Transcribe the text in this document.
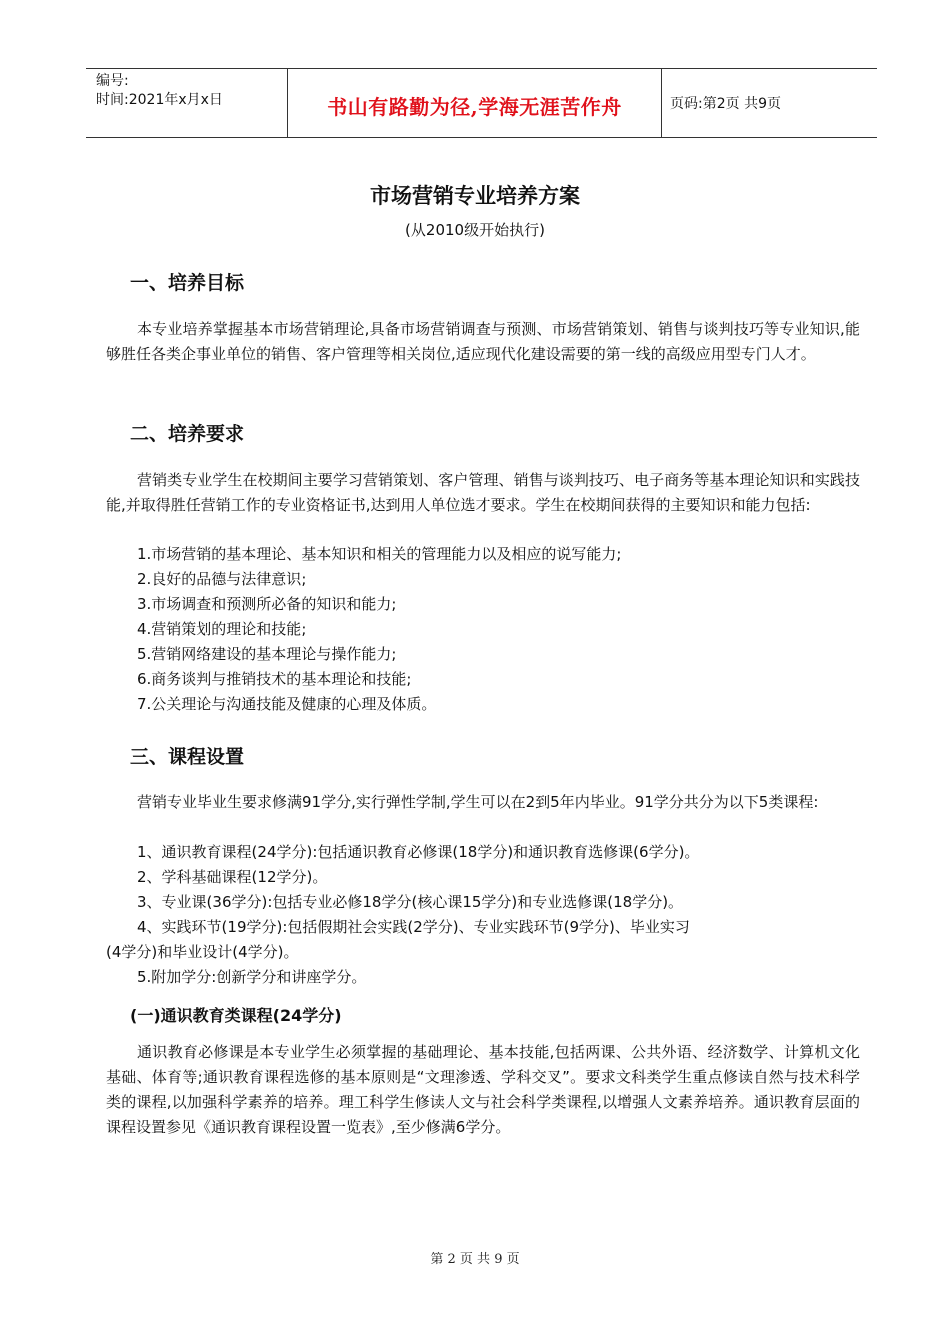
编号:
时间:2021年x月x日	书山有路勤为径,学海无涯苦作舟	页码:第2页 共9页
市场营销专业培养方案
(从2010级开始执行)
一、培养目标

本专业培养掌握基本市场营销理论,具备市场营销调查与预测、市场营销策划、销售与谈判技巧等专业知识,能够胜任各类企事业单位的销售、客户管理等相关岗位,适应现代化建设需要的第一线的高级应用型专门人才。

二、培养要求

营销类专业学生在校期间主要学习营销策划、客户管理、销售与谈判技巧、电子商务等基本理论知识和实践技能,并取得胜任营销工作的专业资格证书,达到用人单位选才要求。学生在校期间获得的主要知识和能力包括:

1.市场营销的基本理论、基本知识和相关的管理能力以及相应的说写能力;
2.良好的品德与法律意识;
3.市场调查和预测所必备的知识和能力;
4.营销策划的理论和技能;
5.营销网络建设的基本理论与操作能力;
6.商务谈判与推销技术的基本理论和技能;
7.公关理论与沟通技能及健康的心理及体质。
三、课程设置

营销专业毕业生要求修满91学分,实行弹性学制,学生可以在2到5年内毕业。91学分共分为以下5类课程:

1、通识教育课程(24学分):包括通识教育必修课(18学分)和通识教育选修课(6学分)。
2、学科基础课程(12学分)。
3、专业课(36学分):包括专业必修18学分(核心课15学分)和专业选修课(18学分)。
4、实践环节(19学分):包括假期社会实践(2学分)、专业实践环节(9学分)、毕业实习
(4学分)和毕业设计(4学分)。
5.附加学分:创新学分和讲座学分。
(一)通识教育类课程(24学分)

通识教育必修课是本专业学生必须掌握的基础理论、基本技能,包括两课、公共外语、经济数学、计算机文化基础、体育等;通识教育课程选修的基本原则是“文理渗透、学科交叉”。要求文科类学生重点修读自然与技术科学类的课程,以加强科学素养的培养。理工科学生修读人文与社会科学类课程,以增强人文素养培养。通识教育层面的课程设置参见《通识教育课程设置一览表》,至少修满6学分。

第 2 页 共 9 页
